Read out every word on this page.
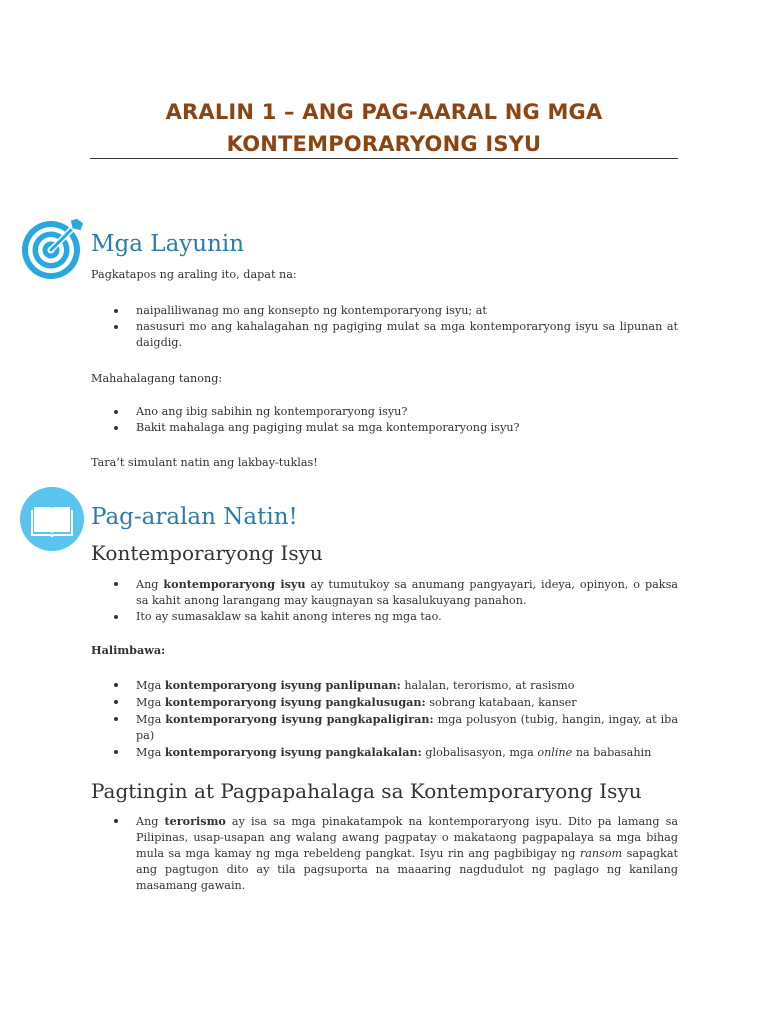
ARALIN 1 – ANG PAG-AARAL NG MGA
KONTEMPORARYONG ISYU
Mga Layunin
Pagkatapos ng araling ito, dapat na:
naipaliliwanag mo ang konsepto ng kontemporaryong isyu; at
nasusuri mo ang kahalagahan ng pagiging mulat sa mga kontemporaryong isyu sa lipunan at daigdig.
Mahahalagang tanong:
Ano ang ibig sabihin ng kontemporaryong isyu?
Bakit mahalaga ang pagiging mulat sa mga kontemporaryong isyu?
Tara’t simulant natin ang lakbay-tuklas!
Pag-aralan Natin!
Kontemporaryong Isyu
Ang kontemporaryong isyu ay tumutukoy sa anumang pangyayari, ideya, opinyon, o paksa sa kahit anong larangang may kaugnayan sa kasalukuyang panahon.
Ito ay sumasaklaw sa kahit anong interes ng mga tao.
Halimbawa:
Mga kontemporaryong isyung panlipunan: halalan, terorismo, at rasismo
Mga kontemporaryong isyung pangkalusugan: sobrang katabaan, kanser
Mga kontemporaryong isyung pangkapaligiran: mga polusyon (tubig, hangin, ingay, at iba pa)
Mga kontemporaryong isyung pangkalakalan: globalisasyon, mga online na babasahin
Pagtingin at Pagpapahalaga sa Kontemporaryong Isyu
Ang terorismo ay isa sa mga pinakatampok na kontemporaryong isyu. Dito pa lamang sa Pilipinas, usap-usapan ang walang awang pagpatay o makataong pagpapalaya sa mga bihag mula sa mga kamay ng mga rebeldeng pangkat. Isyu rin ang pagbibigay ng ransom sapagkat ang pagtugon dito ay tila pagsuporta na maaaring nagdudulot ng paglago ng kanilang masamang gawain.
